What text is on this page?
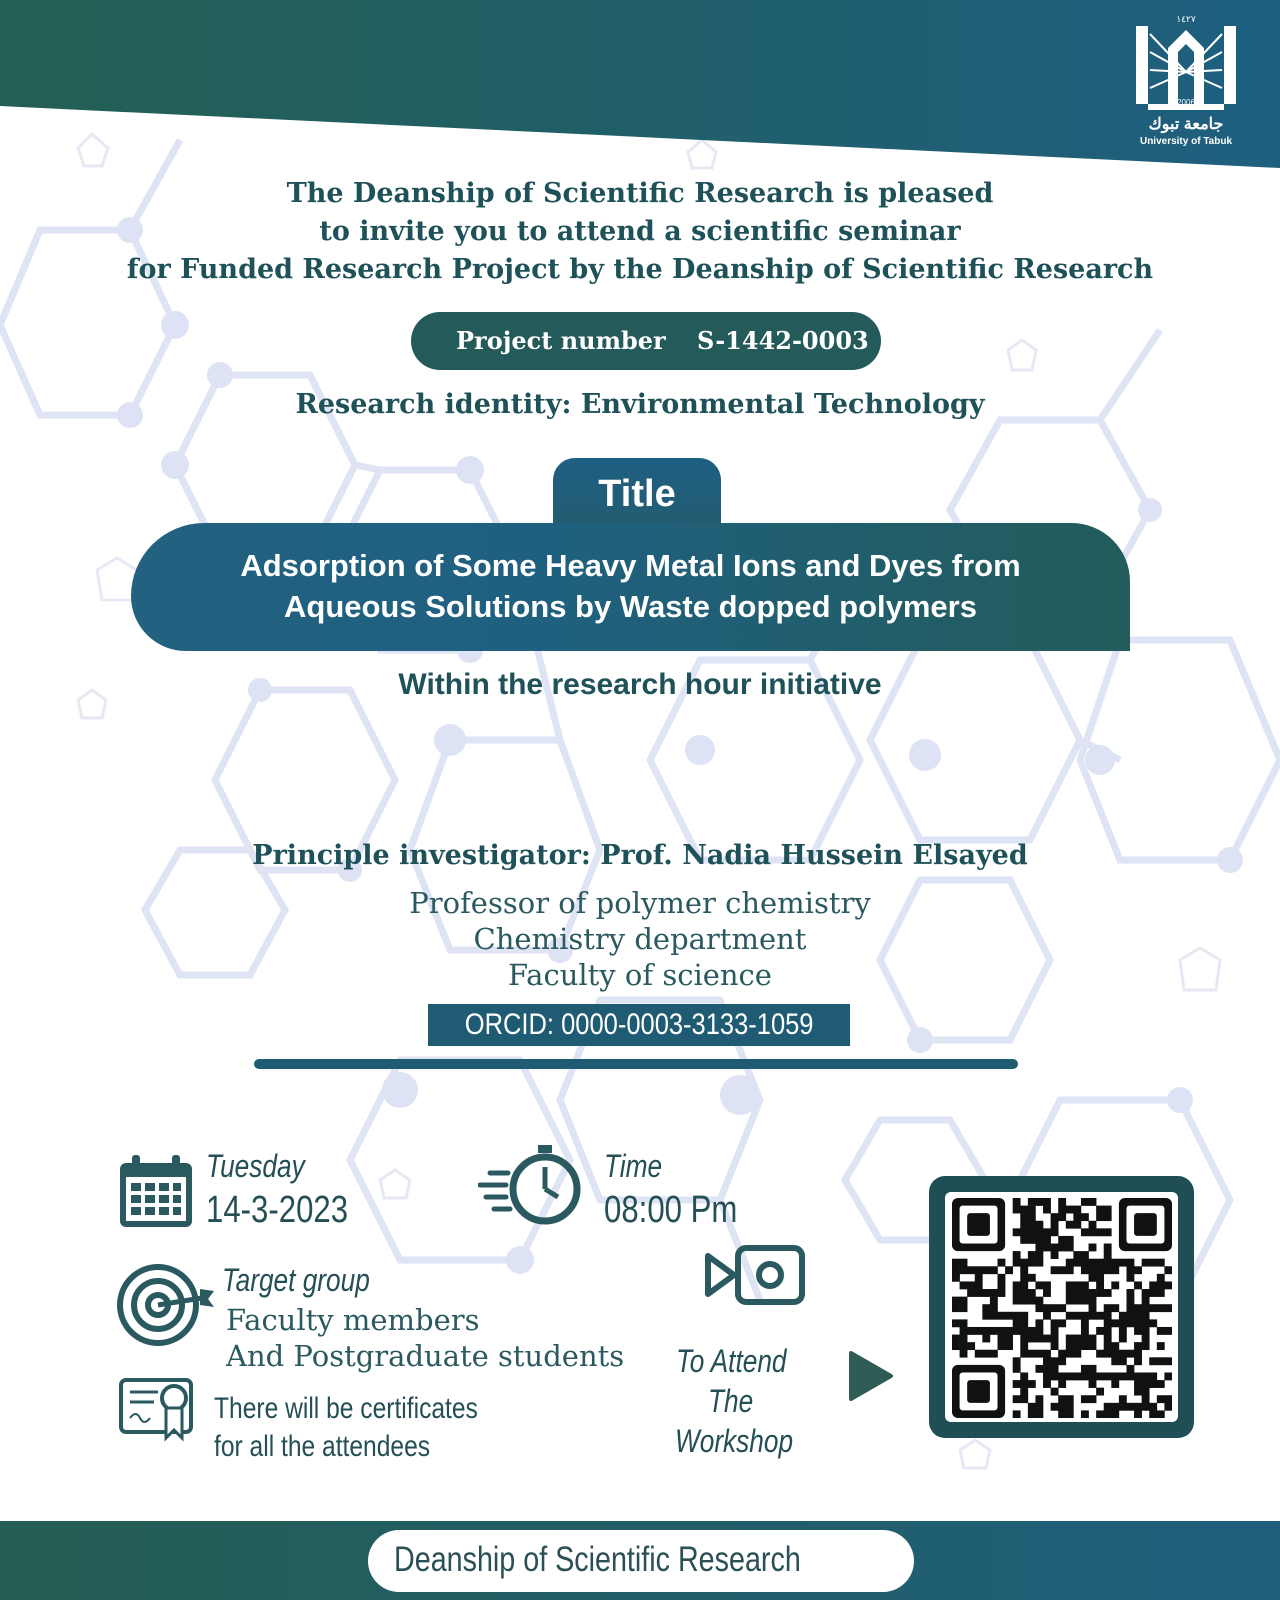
١٤٢٧
2006
جامعة تبوك
University of Tabuk
The Deanship of Scientific Research is pleased
to invite you to attend a scientific seminar
for Funded Research Project by the Deanship of Scientific Research
Project number S-1442-0003
Research identity: Environmental Technology
Title
Adsorption of Some Heavy Metal Ions and Dyes from
Aqueous Solutions by Waste dopped polymers
Within the research hour initiative
Principle investigator: Prof. Nadia Hussein Elsayed
Professor of polymer chemistry
Chemistry department
Faculty of science
ORCID: 0000-0003-3133-1059
Tuesday
14-3-2023
Time
08:00 Pm
Target group
Faculty members
And Postgraduate students
There will be certificates
for all the attendees
To Attend
The
Workshop
Deanship of Scientific Research
